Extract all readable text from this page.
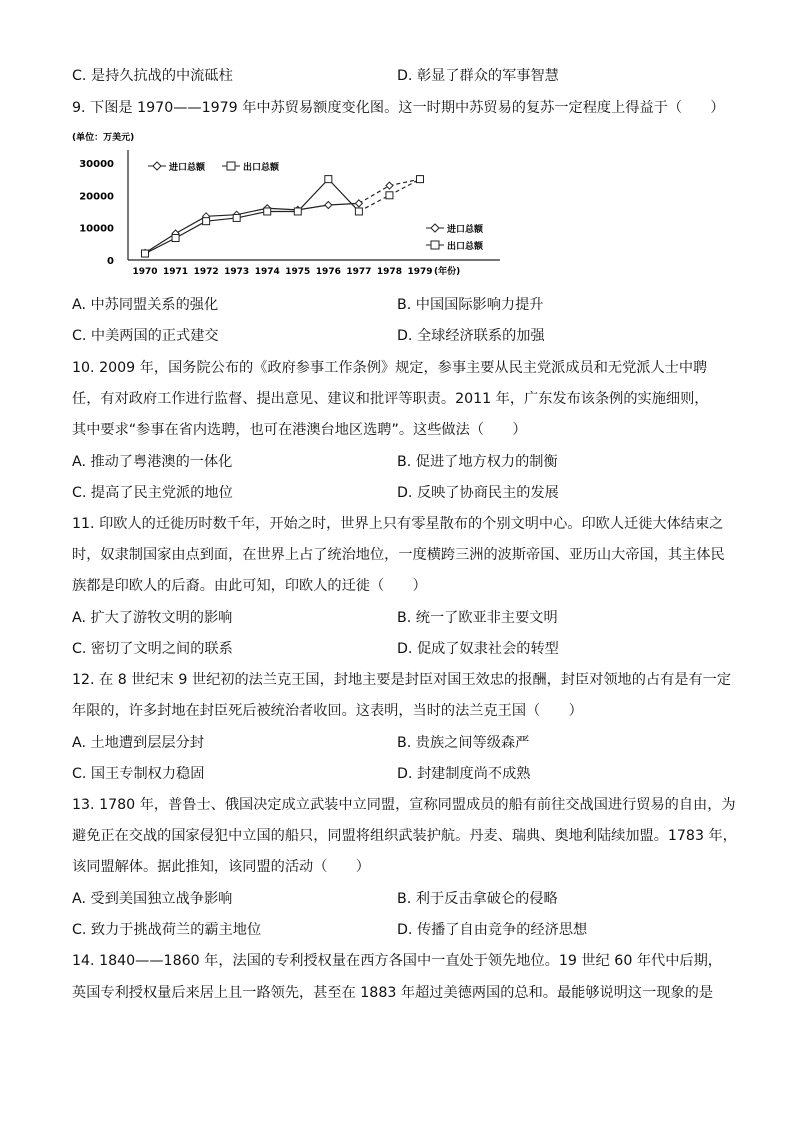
C. 是持久抗战的中流砥柱	D. 彰显了群众的军事智慧
9. 下图是 1970——1979 年中苏贸易额度变化图。这一时期中苏贸易的复苏一定程度上得益于（　　）
(单位：万美元)
0
10000
20000
30000
1970 1971 1972 1973 1974 1975 1976 1977 1978 1979 (年份)
进口总额	出口总额
进口总额
出口总额
A. 中苏同盟关系的强化	B. 中国国际影响力提升
C. 中美两国的正式建交	D. 全球经济联系的加强
10. 2009 年，国务院公布的《政府参事工作条例》规定，参事主要从民主党派成员和无党派人士中聘
任，有对政府工作进行监督、提出意见、建议和批评等职责。2011 年，广东发布该条例的实施细则，
其中要求“参事在省内选聘，也可在港澳台地区选聘”。这些做法（　　）
A. 推动了粤港澳的一体化	B. 促进了地方权力的制衡
C. 提高了民主党派的地位	D. 反映了协商民主的发展
11. 印欧人的迁徙历时数千年，开始之时，世界上只有零星散布的个别文明中心。印欧人迁徙大体结束之
时，奴隶制国家由点到面，在世界上占了统治地位，一度横跨三洲的波斯帝国、亚历山大帝国，其主体民
族都是印欧人的后裔。由此可知，印欧人的迁徙（　　）
A. 扩大了游牧文明的影响	B. 统一了欧亚非主要文明
C. 密切了文明之间的联系	D. 促成了奴隶社会的转型
12. 在 8 世纪末 9 世纪初的法兰克王国，封地主要是封臣对国王效忠的报酬，封臣对领地的占有是有一定
年限的，许多封地在封臣死后被统治者收回。这表明，当时的法兰克王国（　　）
A. 土地遭到层层分封	B. 贵族之间等级森严
C. 国王专制权力稳固	D. 封建制度尚不成熟
13. 1780 年，普鲁士、俄国决定成立武装中立同盟，宣称同盟成员的船有前往交战国进行贸易的自由，为
避免正在交战的国家侵犯中立国的船只，同盟将组织武装护航。丹麦、瑞典、奥地利陆续加盟。1783 年，
该同盟解体。据此推知，该同盟的活动（　　）
A. 受到美国独立战争影响	B. 利于反击拿破仑的侵略
C. 致力于挑战荷兰的霸主地位	D. 传播了自由竞争的经济思想
14. 1840——1860 年，法国的专利授权量在西方各国中一直处于领先地位。19 世纪 60 年代中后期，
英国专利授权量后来居上且一路领先，甚至在 1883 年超过美德两国的总和。最能够说明这一现象的是
